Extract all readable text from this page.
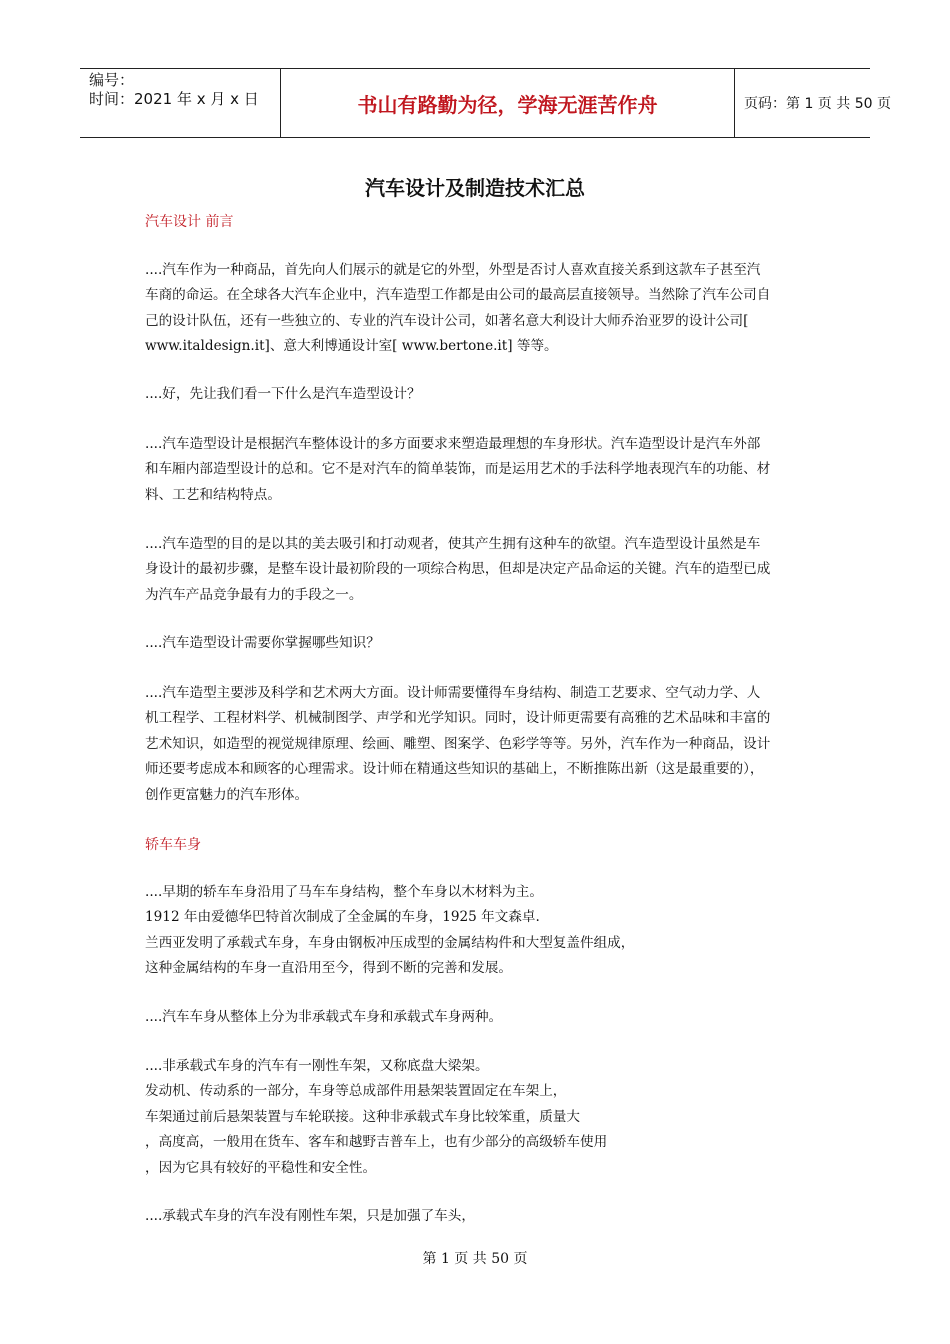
编号：
时间：2021 年 x 月 x 日	书山有路勤为径，学海无涯苦作舟	页码：第 1 页 共 50 页
汽车设计及制造技术汇总
汽车设计 前言
....汽车作为一种商品，首先向人们展示的就是它的外型，外型是否讨人喜欢直接关系到这款车子甚至汽
车商的命运。在全球各大汽车企业中，汽车造型工作都是由公司的最高层直接领导。当然除了汽车公司自
己的设计队伍，还有一些独立的、专业的汽车设计公司，如著名意大利设计大师乔治亚罗的设计公司[
www.italdesign.it]、意大利博通设计室[ www.bertone.it] 等等。
....好，先让我们看一下什么是汽车造型设计？
....汽车造型设计是根据汽车整体设计的多方面要求来塑造最理想的车身形状。汽车造型设计是汽车外部
和车厢内部造型设计的总和。它不是对汽车的简单装饰，而是运用艺术的手法科学地表现汽车的功能、材
料、工艺和结构特点。
....汽车造型的目的是以其的美去吸引和打动观者，使其产生拥有这种车的欲望。汽车造型设计虽然是车
身设计的最初步骤，是整车设计最初阶段的一项综合构思，但却是决定产品命运的关键。汽车的造型已成
为汽车产品竞争最有力的手段之一。
....汽车造型设计需要你掌握哪些知识？
....汽车造型主要涉及科学和艺术两大方面。设计师需要懂得车身结构、制造工艺要求、空气动力学、人
机工程学、工程材料学、机械制图学、声学和光学知识。同时，设计师更需要有高雅的艺术品味和丰富的
艺术知识，如造型的视觉规律原理、绘画、雕塑、图案学、色彩学等等。另外，汽车作为一种商品，设计
师还要考虑成本和顾客的心理需求。设计师在精通这些知识的基础上，不断推陈出新（这是最重要的），
创作更富魅力的汽车形体。
轿车车身
....早期的轿车车身沿用了马车车身结构，整个车身以木材料为主。
1912 年由爱德华巴特首次制成了全金属的车身，1925 年文森卓.
兰西亚发明了承载式车身，车身由钢板冲压成型的金属结构件和大型复盖件组成，
这种金属结构的车身一直沿用至今，得到不断的完善和发展。
....汽车车身从整体上分为非承载式车身和承载式车身两种。
....非承载式车身的汽车有一刚性车架，又称底盘大梁架。
发动机、传动系的一部分，车身等总成部件用悬架装置固定在车架上，
车架通过前后悬架装置与车轮联接。这种非承载式车身比较笨重，质量大
，高度高，一般用在货车、客车和越野吉普车上，也有少部分的高级轿车使用
，因为它具有较好的平稳性和安全性。
....承载式车身的汽车没有刚性车架，只是加强了车头，
第 1 页 共 50 页
